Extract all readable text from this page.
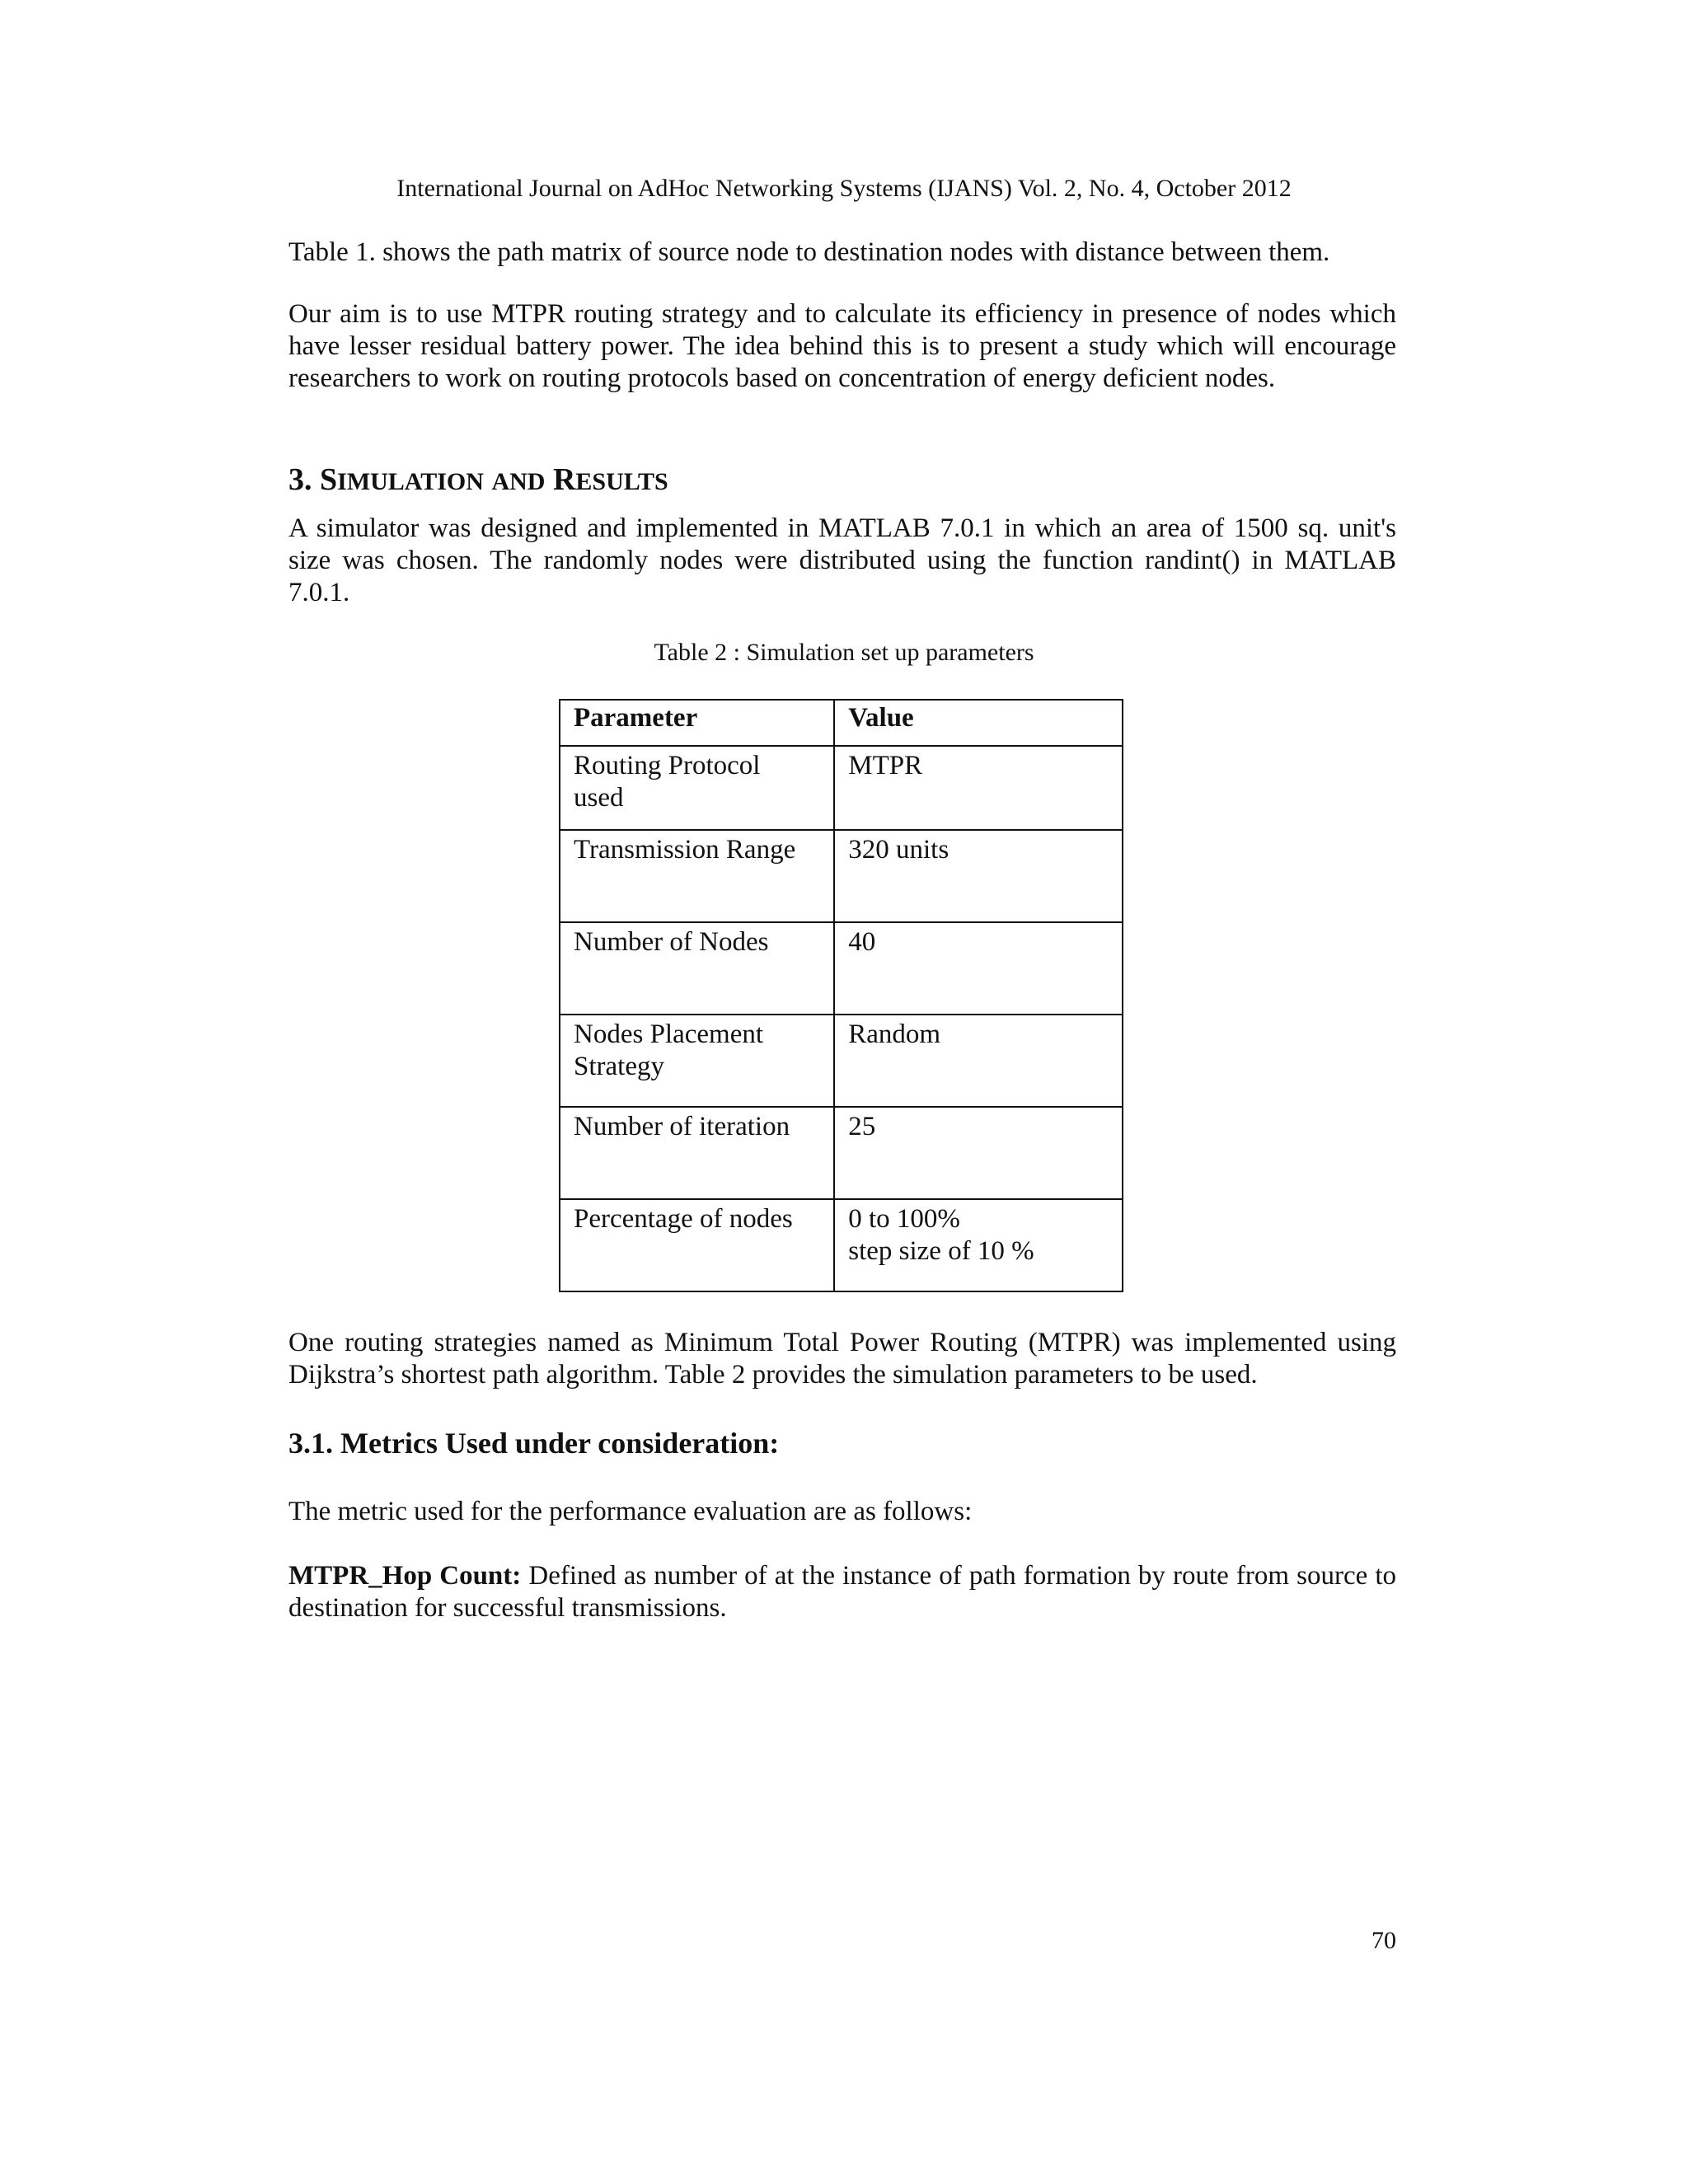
International Journal on AdHoc Networking Systems (IJANS) Vol. 2, No. 4, October 2012

Table 1. shows the path matrix of source node to destination nodes with distance between them.

Our aim is to use MTPR routing strategy and to calculate its efficiency in presence of nodes which have lesser residual battery power. The idea behind this is to present a study which will encourage researchers to work on routing protocols based on concentration of energy deficient nodes.

3. SIMULATION AND RESULTS

A simulator was designed and implemented in MATLAB 7.0.1 in which an area of 1500 sq. unit's size was chosen. The randomly nodes were distributed using the function randint() in MATLAB 7.0.1.

Table 2 : Simulation set up parameters
Parameter	Value

Routing Protocol
used	MTPR

Transmission Range	320 units

Number of Nodes	40

Nodes Placement
Strategy	Random

Number of iteration	25

Percentage of nodes	0 to 100%
step size of 10 %

One routing strategies named as Minimum Total Power Routing (MTPR) was implemented using Dijkstra’s shortest path algorithm. Table 2 provides the simulation parameters to be used.

3.1. Metrics Used under consideration:

The metric used for the performance evaluation are as follows:

MTPR_Hop Count: Defined as number of at the instance of path formation by route from source to destination for successful transmissions.

70
